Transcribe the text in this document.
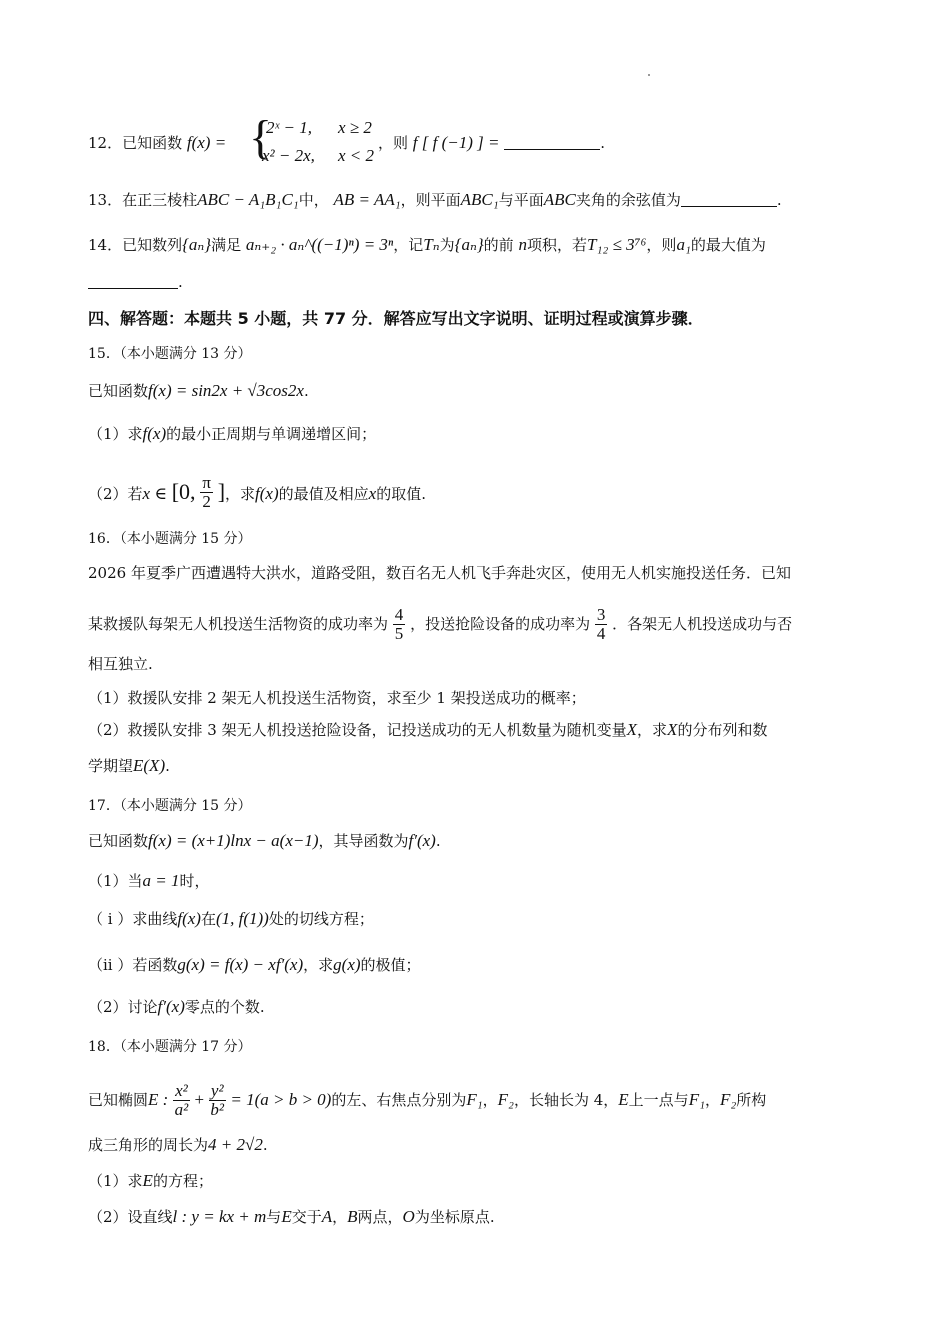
12．已知函数 f(x) = {
2ˣ − 1, x ≥ 2
x² − 2x, x < 2
，则 f [ f (−1) ] =	.
13．在正三棱柱ABC − A₁B₁C₁中， AB = AA₁，则平面ABC₁与平面ABC夹角的余弦值为	.
14．已知数列{aₙ}满足 aₙ₊₂ · aₙ^((−1)ⁿ) = 3ⁿ，记Tₙ为{aₙ}的前 n项积，若T₁₂ ≤ 3⁷⁶，则a₁的最大值为
.
四、解答题：本题共 5 小题，共 77 分．解答应写出文字说明、证明过程或演算步骤．
15．（本小题满分 13 分）
已知函数f(x) = sin2x + √3cos2x.
（1）求f(x)的最小正周期与单调递增区间；
（2）若x ∈ [0, $\frac{\pi}{2}$ ]，求f(x)的最值及相应x的取值.
16．（本小题满分 15 分）
2026 年夏季广西遭遇特大洪水，道路受阻，数百名无人机飞手奔赴灾区，使用无人机实施投送任务．已知
某救援队每架无人机投送生活物资的成功率为 $\frac{4}{5}$ ，投送抢险设备的成功率为 $\frac{3}{4}$ ．各架无人机投送成功与否
相互独立.
（1）救援队安排 2 架无人机投送生活物资，求至少 1 架投送成功的概率；
（2）救援队安排 3 架无人机投送抢险设备，记投送成功的无人机数量为随机变量X，求X的分布列和数
学期望E(X).
17．（本小题满分 15 分）
已知函数f(x) = (x+1)lnx − a(x−1)，其导函数为f′(x).
（1）当a = 1时，
（ i ）求曲线f(x)在(1, f(1))处的切线方程；
（ii ）若函数g(x) = f(x) − xf′(x)，求g(x)的极值；
（2）讨论f′(x)零点的个数.
18．（本小题满分 17 分）
已知椭圆E : $\frac{\text{x²}}{\text{a²}} + \frac{\text{y²}}{\text{b²}} = 1(a > b > 0)$的左、右焦点分别为F₁，F₂，长轴长为 4，E上一点与F₁，F₂所构
成三角形的周长为4 + 2√2.
（1）求E的方程；
（2）设直线l : y = kx + m与E交于A，B两点，O为坐标原点.
